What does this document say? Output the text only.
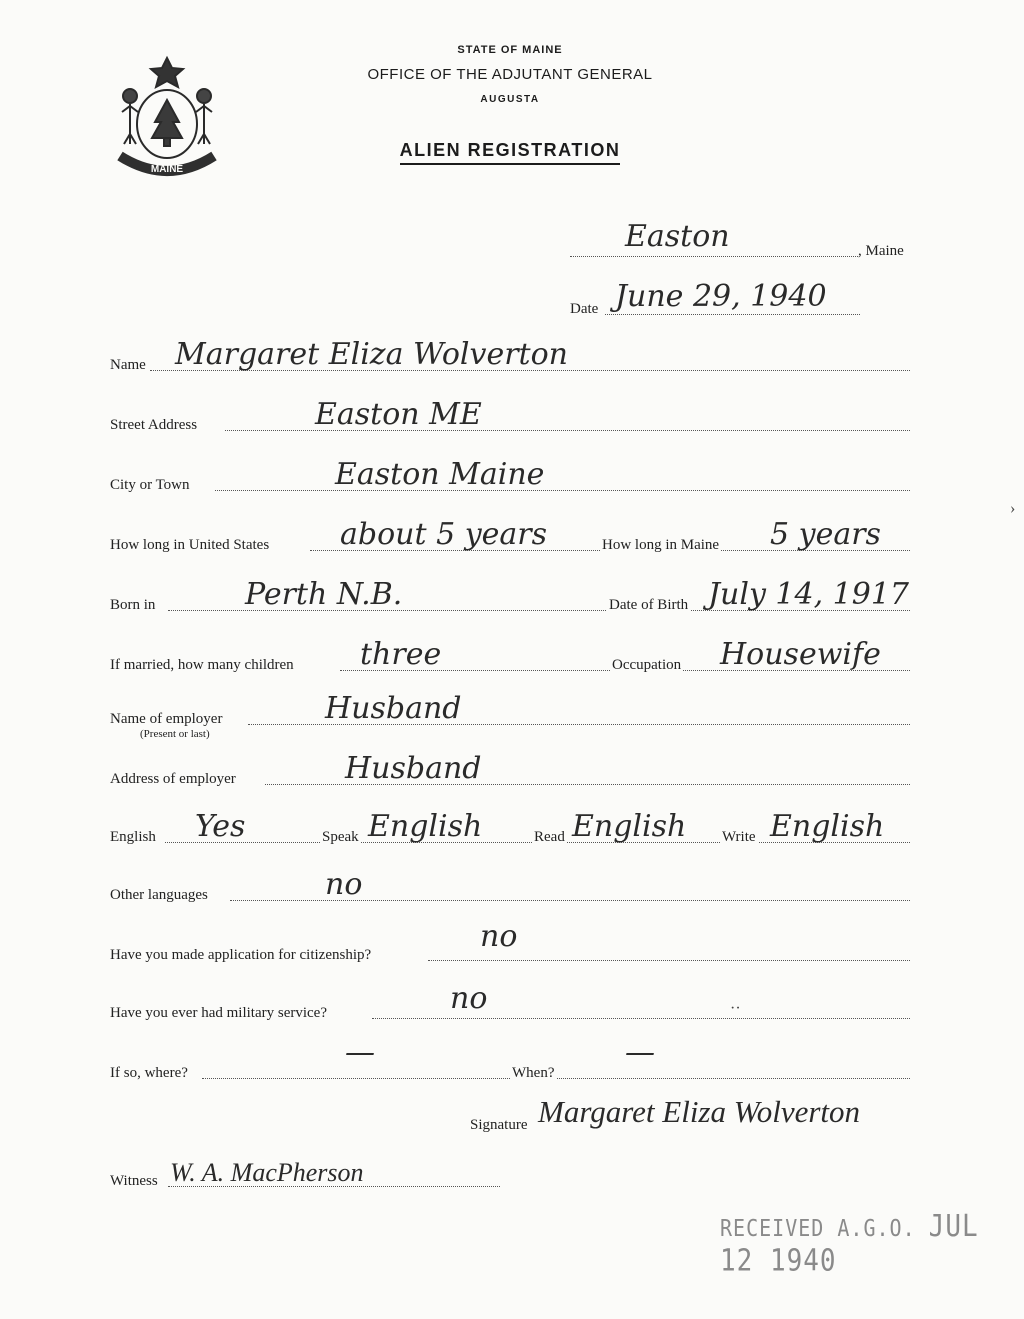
MAINE
STATE OF MAINE
OFFICE OF THE ADJUTANT GENERAL
AUGUSTA
ALIEN REGISTRATION
Easton	, Maine
Date June 29, 1940
Name Margaret Eliza Wolverton
Street Address	Easton ME
City or Town	Easton Maine
How long in United States about 5 years	How long in Maine 5 years
Born in	Perth N.B.	Date of Birth July 14, 1917
If married, how many children three	Occupation Housewife
Name of employer
(Present or last)
Husband
Address of employer	Husband
English Yes	Speak English	Read English Write English
Other languages	no
Have you made application for citizenship?
no
Have you ever had military service?	no
If so, where?
—
When?
—
Signature Margaret Eliza Wolverton
Witness W. A. MacPherson
RECEIVED A.G.O. JUL 12 1940
›
··
